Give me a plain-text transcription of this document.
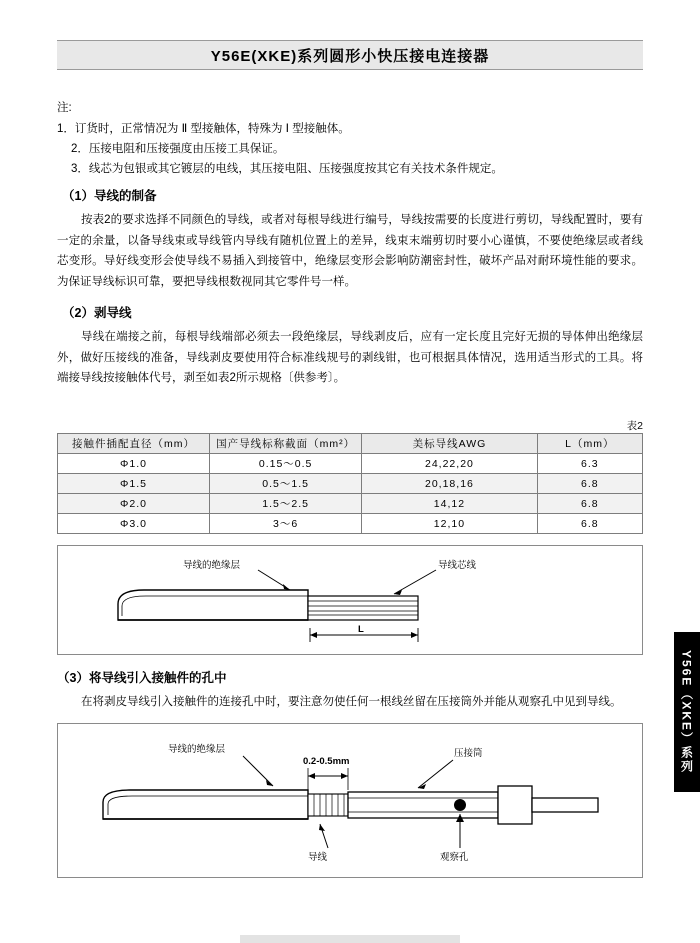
Y56E(XKE)系列圆形小快压接电连接器

注:

1．订货时，正常情况为 Ⅱ 型接触体，特殊为 Ⅰ 型接触体。

2．压接电阻和压接强度由压接工具保证。

3．线芯为包银或其它镀层的电线，其压接电阻、压接强度按其它有关技术条件规定。

（1）导线的制备
按表2的要求选择不同颜色的导线，或者对每根导线进行编号，导线按需要的长度进行剪切，导线配置时，要有一定的余量，以备导线束或导线管内导线有随机位置上的差异，线束末端剪切时要小心谨慎，不要使绝缘层或者线芯变形。导好线变形会使导线不易插入到接管中，绝缘层变形会影响防潮密封性，破坏产品对耐环境性能的要求。为保证导线标识可靠，要把导线根数视同其它零件号一样。
（2）剥导线
导线在端接之前，每根导线端部必须去一段绝缘层，导线剥皮后，应有一定长度且完好无损的导体伸出绝缘层外，做好压接线的准备，导线剥皮要使用符合标准线规号的剥线钳，也可根据具体情况，选用适当形式的工具。将端接导线按接触体代号，剥至如表2所示规格〔供参考〕。
表2
接触件插配直径（mm）	国产导线标称截面（mm²）	美标导线AWG	L（mm）
Φ1.0	0.15～0.5	24,22,20	6.3
Φ1.5	0.5～1.5	20,18,16	6.8
Φ2.0	1.5～2.5	14,12	6.8
Φ3.0	3～6	12,10	6.8
导线的绝缘层	导线芯线
L
（3）将导线引入接触件的孔中
在将剥皮导线引入接触件的连接孔中时，要注意勿使任何一根线丝留在压接筒外并能从观察孔中见到导线。
导线的绝缘层
0.2-0.5mm
压接筒
导线	观察孔
Y56E（XKE）系列
